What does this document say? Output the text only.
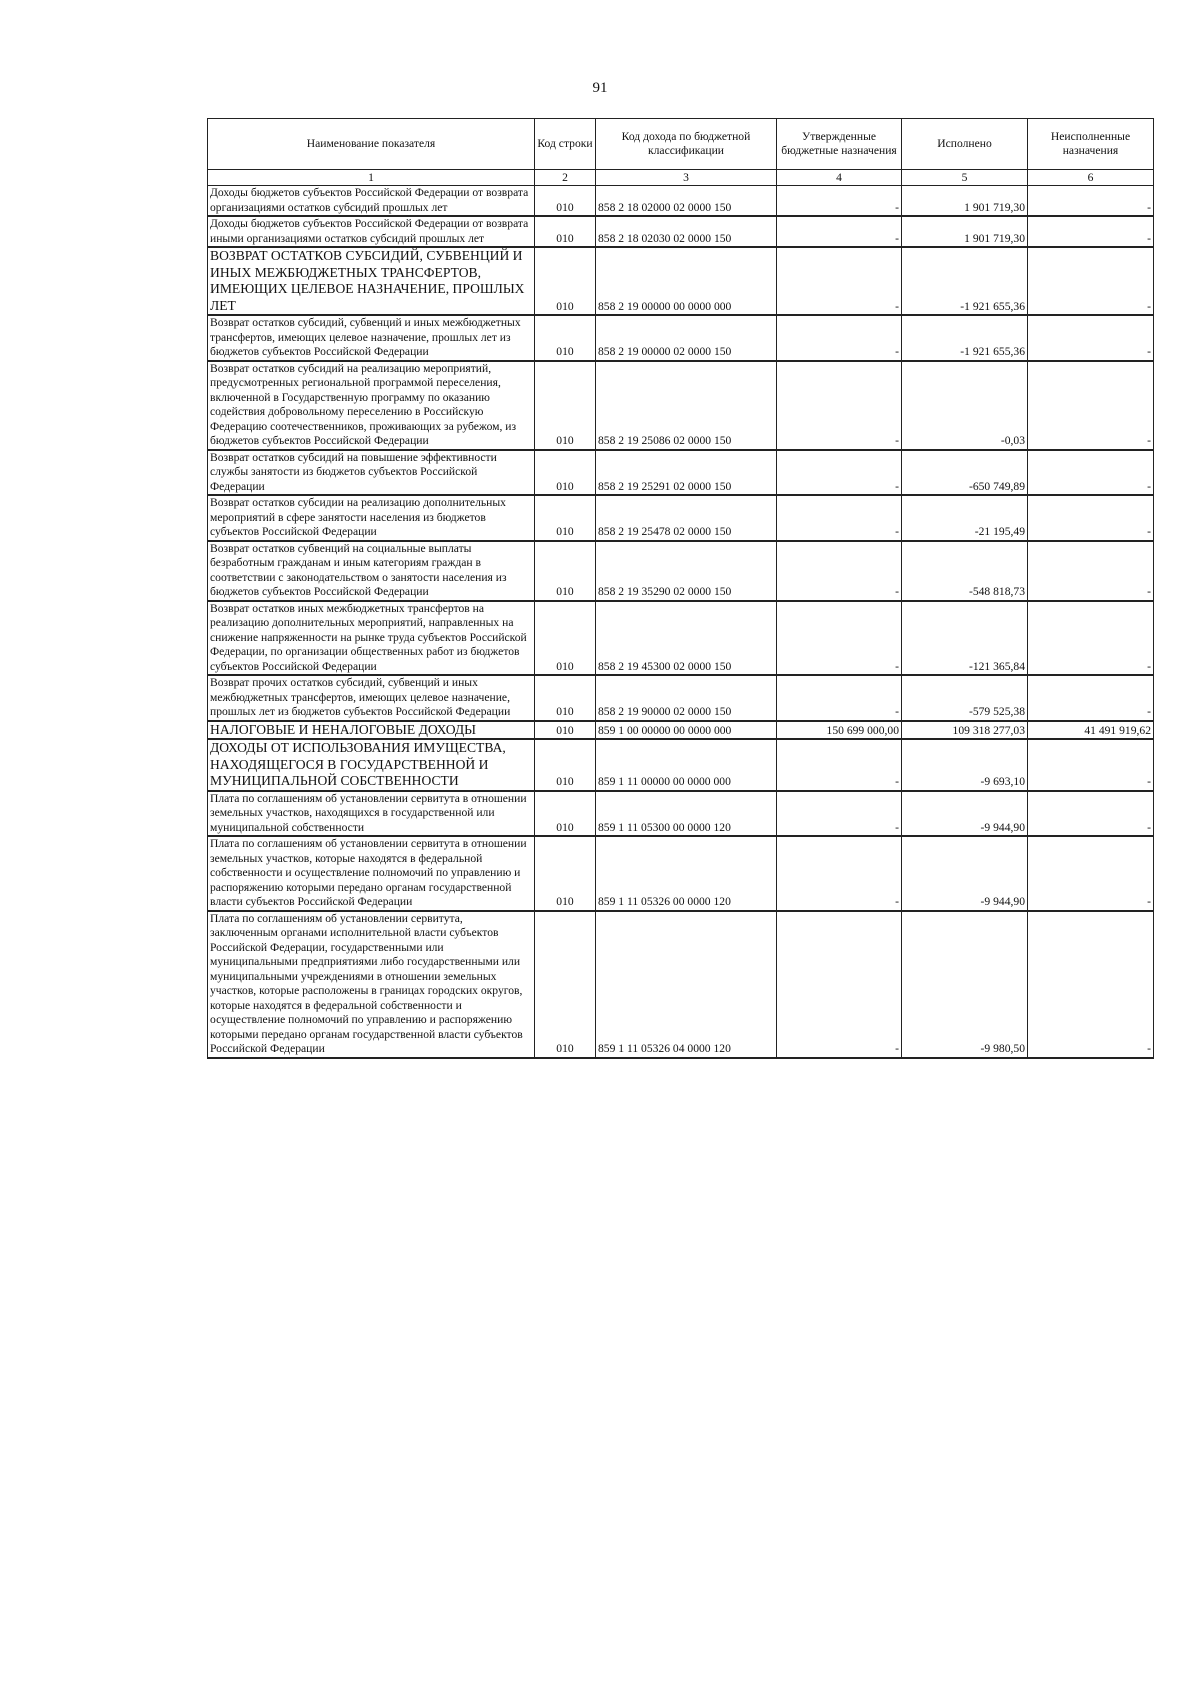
91
Наименование показателя	Код строки	Код дохода по бюджетной классификации	Утвержденные бюджетные назначения	Исполнено	Неисполненные назначения
1	2	3	4	5	6
Доходы бюджетов субъектов Российской Федерации от возврата организациями остатков субсидий прошлых лет	010	858 2 18 02000 02 0000 150	-	1 901 719,30	-
Доходы бюджетов субъектов Российской Федерации от возврата иными организациями остатков субсидий прошлых лет	010	858 2 18 02030 02 0000 150	-	1 901 719,30	-
ВОЗВРАТ ОСТАТКОВ СУБСИДИЙ, СУБВЕНЦИЙ И ИНЫХ МЕЖБЮДЖЕТНЫХ ТРАНСФЕРТОВ, ИМЕЮЩИХ ЦЕЛЕВОЕ НАЗНАЧЕНИЕ, ПРОШЛЫХ ЛЕТ	010	858 2 19 00000 00 0000 000	-	-1 921 655,36	-
Возврат остатков субсидий, субвенций и иных межбюджетных трансфертов, имеющих целевое назначение, прошлых лет из бюджетов субъектов Российской Федерации	010	858 2 19 00000 02 0000 150	-	-1 921 655,36	-
Возврат остатков субсидий на реализацию мероприятий, предусмотренных региональной программой переселения, включенной в Государственную программу по оказанию содействия добровольному переселению в Российскую Федерацию соотечественников, проживающих за рубежом, из бюджетов субъектов Российской Федерации	010	858 2 19 25086 02 0000 150	-	-0,03	-
Возврат остатков субсидий на повышение эффективности службы занятости из бюджетов субъектов Российской Федерации	010	858 2 19 25291 02 0000 150	-	-650 749,89	-
Возврат остатков субсидии на реализацию дополнительных мероприятий в сфере занятости населения из бюджетов субъектов Российской Федерации	010	858 2 19 25478 02 0000 150	-	-21 195,49	-
Возврат остатков субвенций на социальные выплаты безработным гражданам и иным категориям граждан в соответствии с законодательством о занятости населения из бюджетов субъектов Российской Федерации	010	858 2 19 35290 02 0000 150	-	-548 818,73	-
Возврат остатков иных межбюджетных трансфертов на реализацию дополнительных мероприятий, направленных на снижение напряженности на рынке труда субъектов Российской Федерации, по организации общественных работ из бюджетов субъектов Российской Федерации	010	858 2 19 45300 02 0000 150	-	-121 365,84	-
Возврат прочих остатков субсидий, субвенций и иных межбюджетных трансфертов, имеющих целевое назначение, прошлых лет из бюджетов субъектов Российской Федерации	010	858 2 19 90000 02 0000 150	-	-579 525,38	-
НАЛОГОВЫЕ И НЕНАЛОГОВЫЕ ДОХОДЫ	010	859 1 00 00000 00 0000 000	150 699 000,00	109 318 277,03	41 491 919,62
ДОХОДЫ ОТ ИСПОЛЬЗОВАНИЯ ИМУЩЕСТВА, НАХОДЯЩЕГОСЯ В ГОСУДАРСТВЕННОЙ И МУНИЦИПАЛЬНОЙ СОБСТВЕННОСТИ	010	859 1 11 00000 00 0000 000	-	-9 693,10	-
Плата по соглашениям об установлении сервитута в отношении земельных участков, находящихся в государственной или муниципальной собственности	010	859 1 11 05300 00 0000 120	-	-9 944,90	-
Плата по соглашениям об установлении сервитута в отношении земельных участков, которые находятся в федеральной собственности и осуществление полномочий по управлению и распоряжению которыми передано органам государственной власти субъектов Российской Федерации	010	859 1 11 05326 00 0000 120	-	-9 944,90	-
Плата по соглашениям об установлении сервитута, заключенным органами исполнительной власти субъектов Российской Федерации, государственными или муниципальными предприятиями либо государственными или муниципальными учреждениями в отношении земельных участков, которые расположены в границах городских округов, которые находятся в федеральной собственности и осуществление полномочий по управлению и распоряжению которыми передано органам государственной власти субъектов Российской Федерации	010	859 1 11 05326 04 0000 120	-	-9 980,50	-
